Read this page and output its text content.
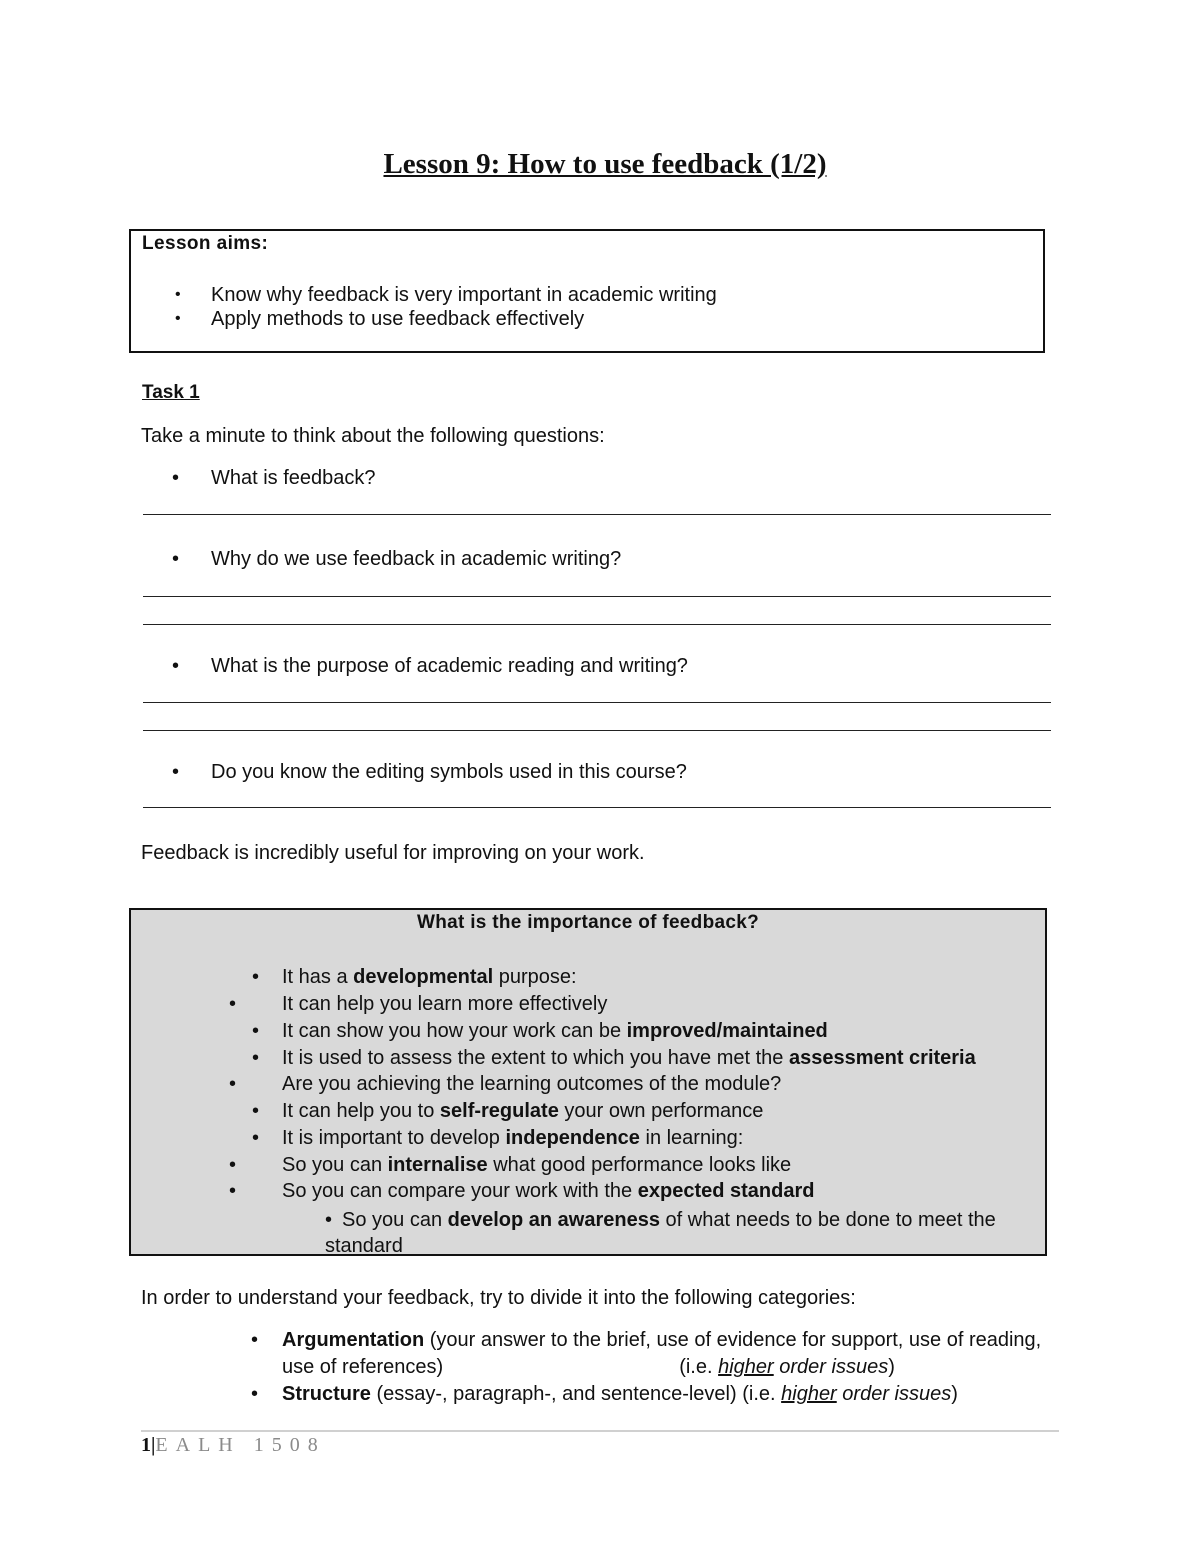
Lesson 9: How to use feedback (1/2)
Lesson aims:
• Know why feedback is very important in academic writing
• Apply methods to use feedback effectively
Task 1
Take a minute to think about the following questions:
• What is feedback?
• Why do we use feedback in academic writing?
• What is the purpose of academic reading and writing?
• Do you know the editing symbols used in this course?
Feedback is incredibly useful for improving on your work.
What is the importance of feedback?
• It has a developmental purpose:
• It can help you learn more effectively
• It can show you how your work can be improved/maintained
• It is used to assess the extent to which you have met the assessment criteria
• Are you achieving the learning outcomes of the module?
• It can help you to self-regulate your own performance
• It is important to develop independence in learning:
• So you can internalise what good performance looks like
• So you can compare your work with the expected standard
• So you can develop an awareness of what needs to be done to meet the standard
In order to understand your feedback, try to divide it into the following categories:
• Argumentation (your answer to the brief, use of evidence for support, use of reading, use of references)	(i.e. higher order issues)
• Structure (essay-, paragraph-, and sentence-level) (i.e. higher order issues)
1|EALH 1508
